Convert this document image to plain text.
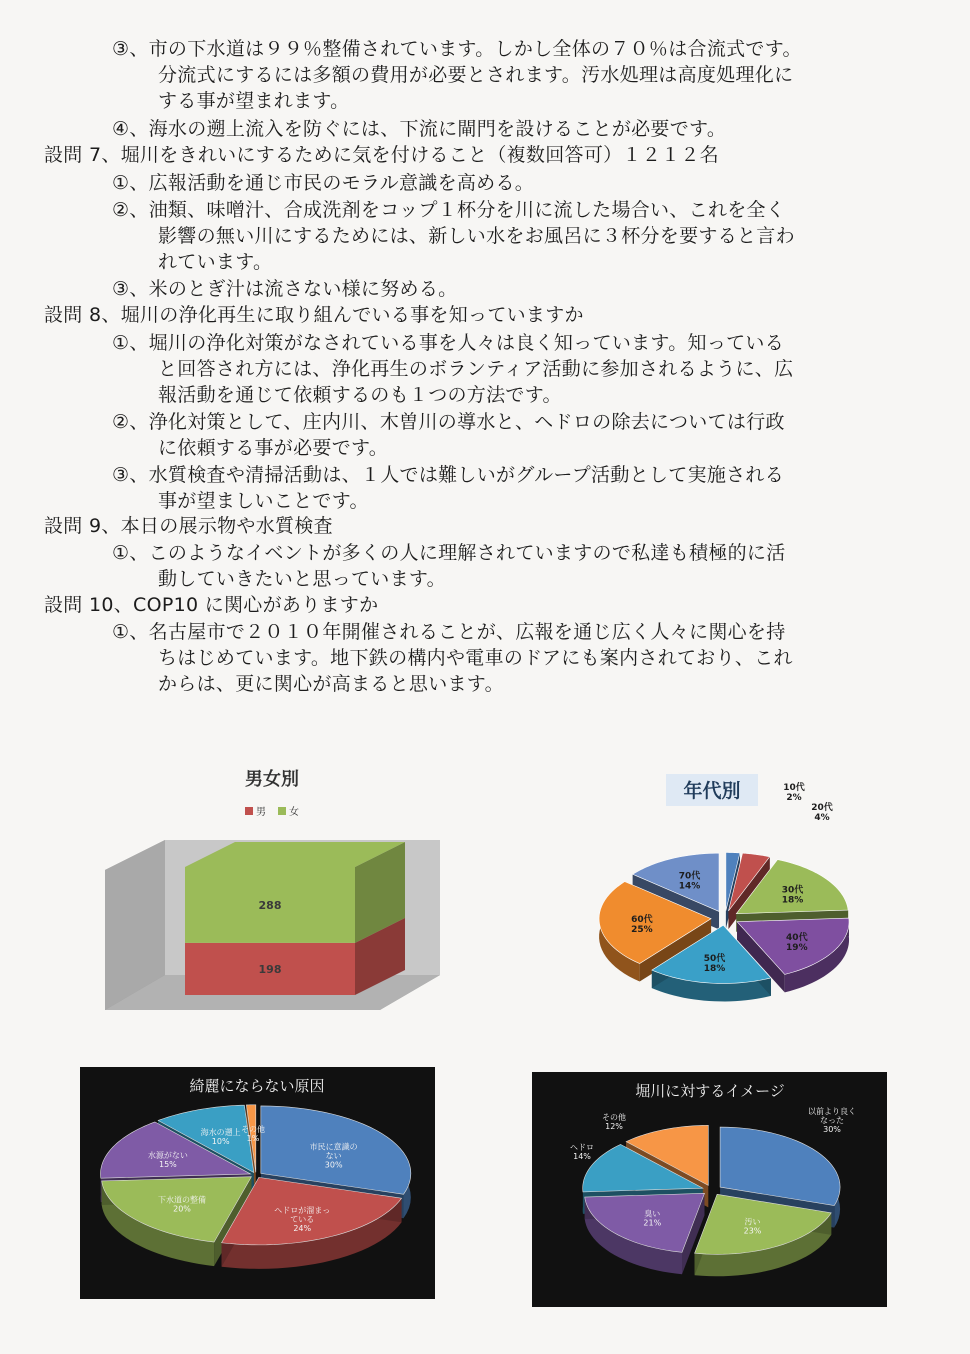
③、市の下水道は９９％整備されています。しかし全体の７０％は合流式です。
分流式にするには多額の費用が必要とされます。汚水処理は高度処理化に
する事が望まれます。
④、海水の遡上流入を防ぐには、下流に閘門を設けることが必要です。
設問 7、堀川をきれいにするために気を付けること（複数回答可）１２１２名
①、広報活動を通じ市民のモラル意識を高める。
②、油類、味噌汁、合成洗剤をコップ１杯分を川に流した場合い、これを全く
影響の無い川にするためには、新しい水をお風呂に３杯分を要すると言わ
れています。
③、米のとぎ汁は流さない様に努める。
設問 8、堀川の浄化再生に取り組んでいる事を知っていますか
①、堀川の浄化対策がなされている事を人々は良く知っています。知っている
と回答され方には、浄化再生のボランティア活動に参加されるように、広
報活動を通じて依頼するのも１つの方法です。
②、浄化対策として、庄内川、木曽川の導水と、ヘドロの除去については行政
に依頼する事が必要です。
③、水質検査や清掃活動は、１人では難しいがグループ活動として実施される
事が望ましいことです。
設問 9、本日の展示物や水質検査
①、このようなイベントが多くの人に理解されていますので私達も積極的に活
動していきたいと思っています。
設問 10、COP10 に関心がありますか
①、名古屋市で２０１０年開催されることが、広報を通じ広く人々に関心を持
ちはじめています。地下鉄の構内や電車のドアにも案内されており、これ
からは、更に関心が高まると思います。
男女別
男 女
198
288
年代別	10代 2%
20代 4%
30代 18%
40代 19%
50代 18%
60代 25%
70代 14%
綺麗にならない原因
市民に意識のない 30%
ヘドロが溜まっている 24%
下水道の整備 20%
水源がない 15%
海水の遡上 10%
その他 1%
堀川に対するイメージ
以前より良くなった 30%
汚い 23%
臭い 21%
ヘドロ 14%
その他 12%
